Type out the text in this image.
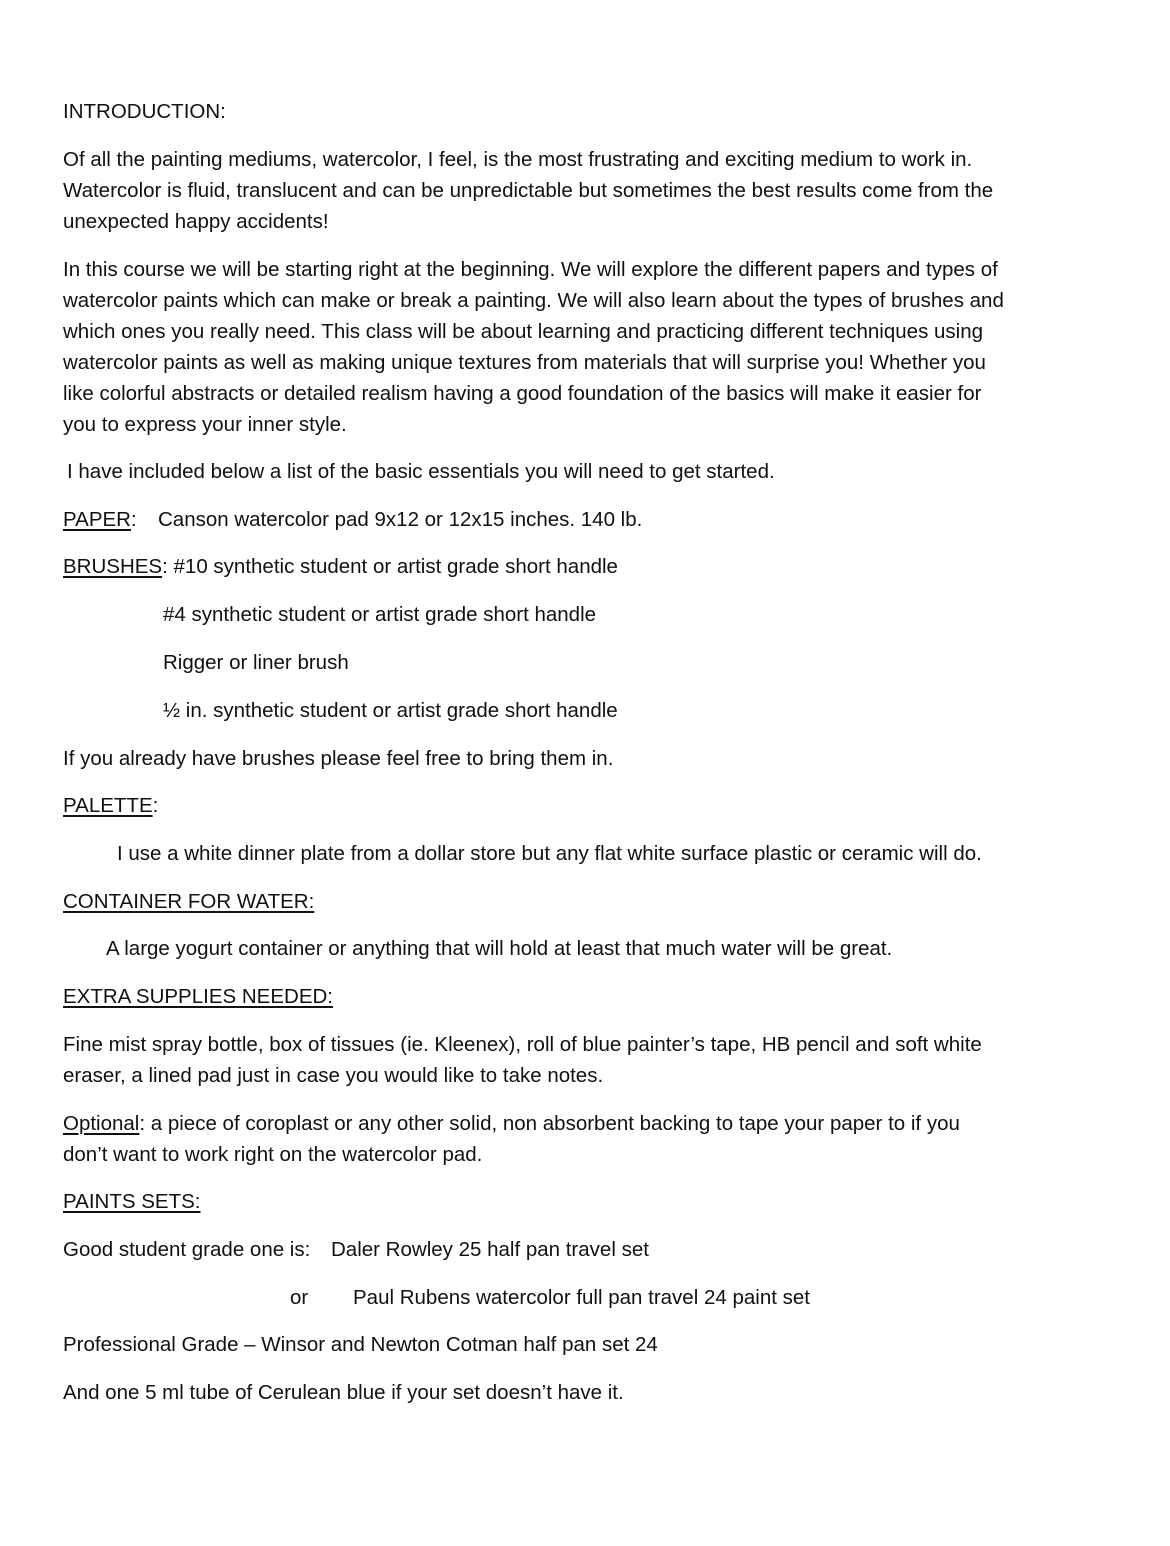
INTRODUCTION:
Of all the painting mediums, watercolor, I feel, is the most frustrating and exciting medium to work in.
Watercolor is fluid, translucent and can be unpredictable but sometimes the best results come from the
unexpected happy accidents!
In this course we will be starting right at the beginning. We will explore the different papers and types of
watercolor paints which can make or break a painting. We will also learn about the types of brushes and
which ones you really need. This class will be about learning and practicing different techniques using
watercolor paints as well as making unique textures from materials that will surprise you! Whether you
like colorful abstracts or detailed realism having a good foundation of the basics will make it easier for
you to express your inner style.
I have included below a list of the basic essentials you will need to get started.
PAPER: Canson watercolor pad 9x12 or 12x15 inches. 140 lb.
BRUSHES: #10 synthetic student or artist grade short handle
#4 synthetic student or artist grade short handle
Rigger or liner brush
½ in. synthetic student or artist grade short handle
If you already have brushes please feel free to bring them in.
PALETTE:
I use a white dinner plate from a dollar store but any flat white surface plastic or ceramic will do.
CONTAINER FOR WATER:
A large yogurt container or anything that will hold at least that much water will be great.
EXTRA SUPPLIES NEEDED:
Fine mist spray bottle, box of tissues (ie. Kleenex), roll of blue painter’s tape, HB pencil and soft white
eraser, a lined pad just in case you would like to take notes.
Optional: a piece of coroplast or any other solid, non absorbent backing to tape your paper to if you
don’t want to work right on the watercolor pad.
PAINTS SETS:
Good student grade one is: Daler Rowley 25 half pan travel set
or Paul Rubens watercolor full pan travel 24 paint set
Professional Grade – Winsor and Newton Cotman half pan set 24
And one 5 ml tube of Cerulean blue if your set doesn’t have it.
